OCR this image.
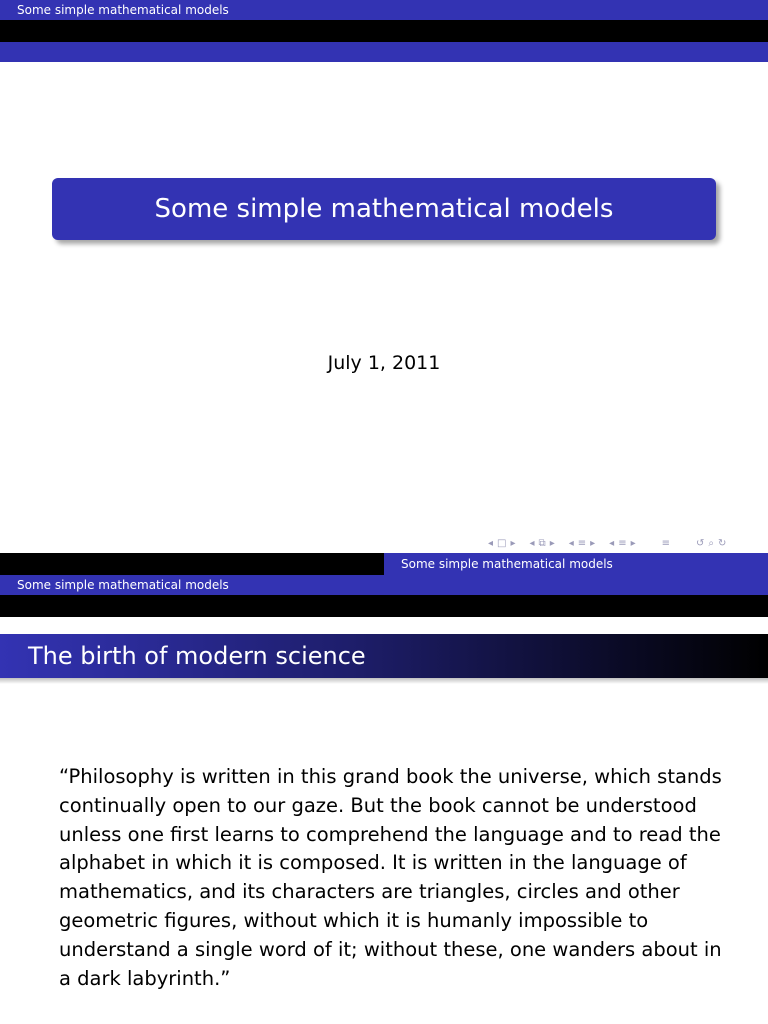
Some simple mathematical models
Some simple mathematical models
July 1, 2011
◂ □ ▸ ◂ ⧉ ▸ ◂ ≡ ▸ ◂ ≡ ▸	≡	↺ ⌕ ↻
Some simple mathematical models
Some simple mathematical models
The birth of modern science

“Philosophy is written in this grand book the universe, which stands

continually open to our gaze. But the book cannot be understood

unless one first learns to comprehend the language and to read the

alphabet in which it is composed. It is written in the language of

mathematics, and its characters are triangles, circles and other

geometric figures, without which it is humanly impossible to

understand a single word of it; without these, one wanders about in

a dark labyrinth.”
